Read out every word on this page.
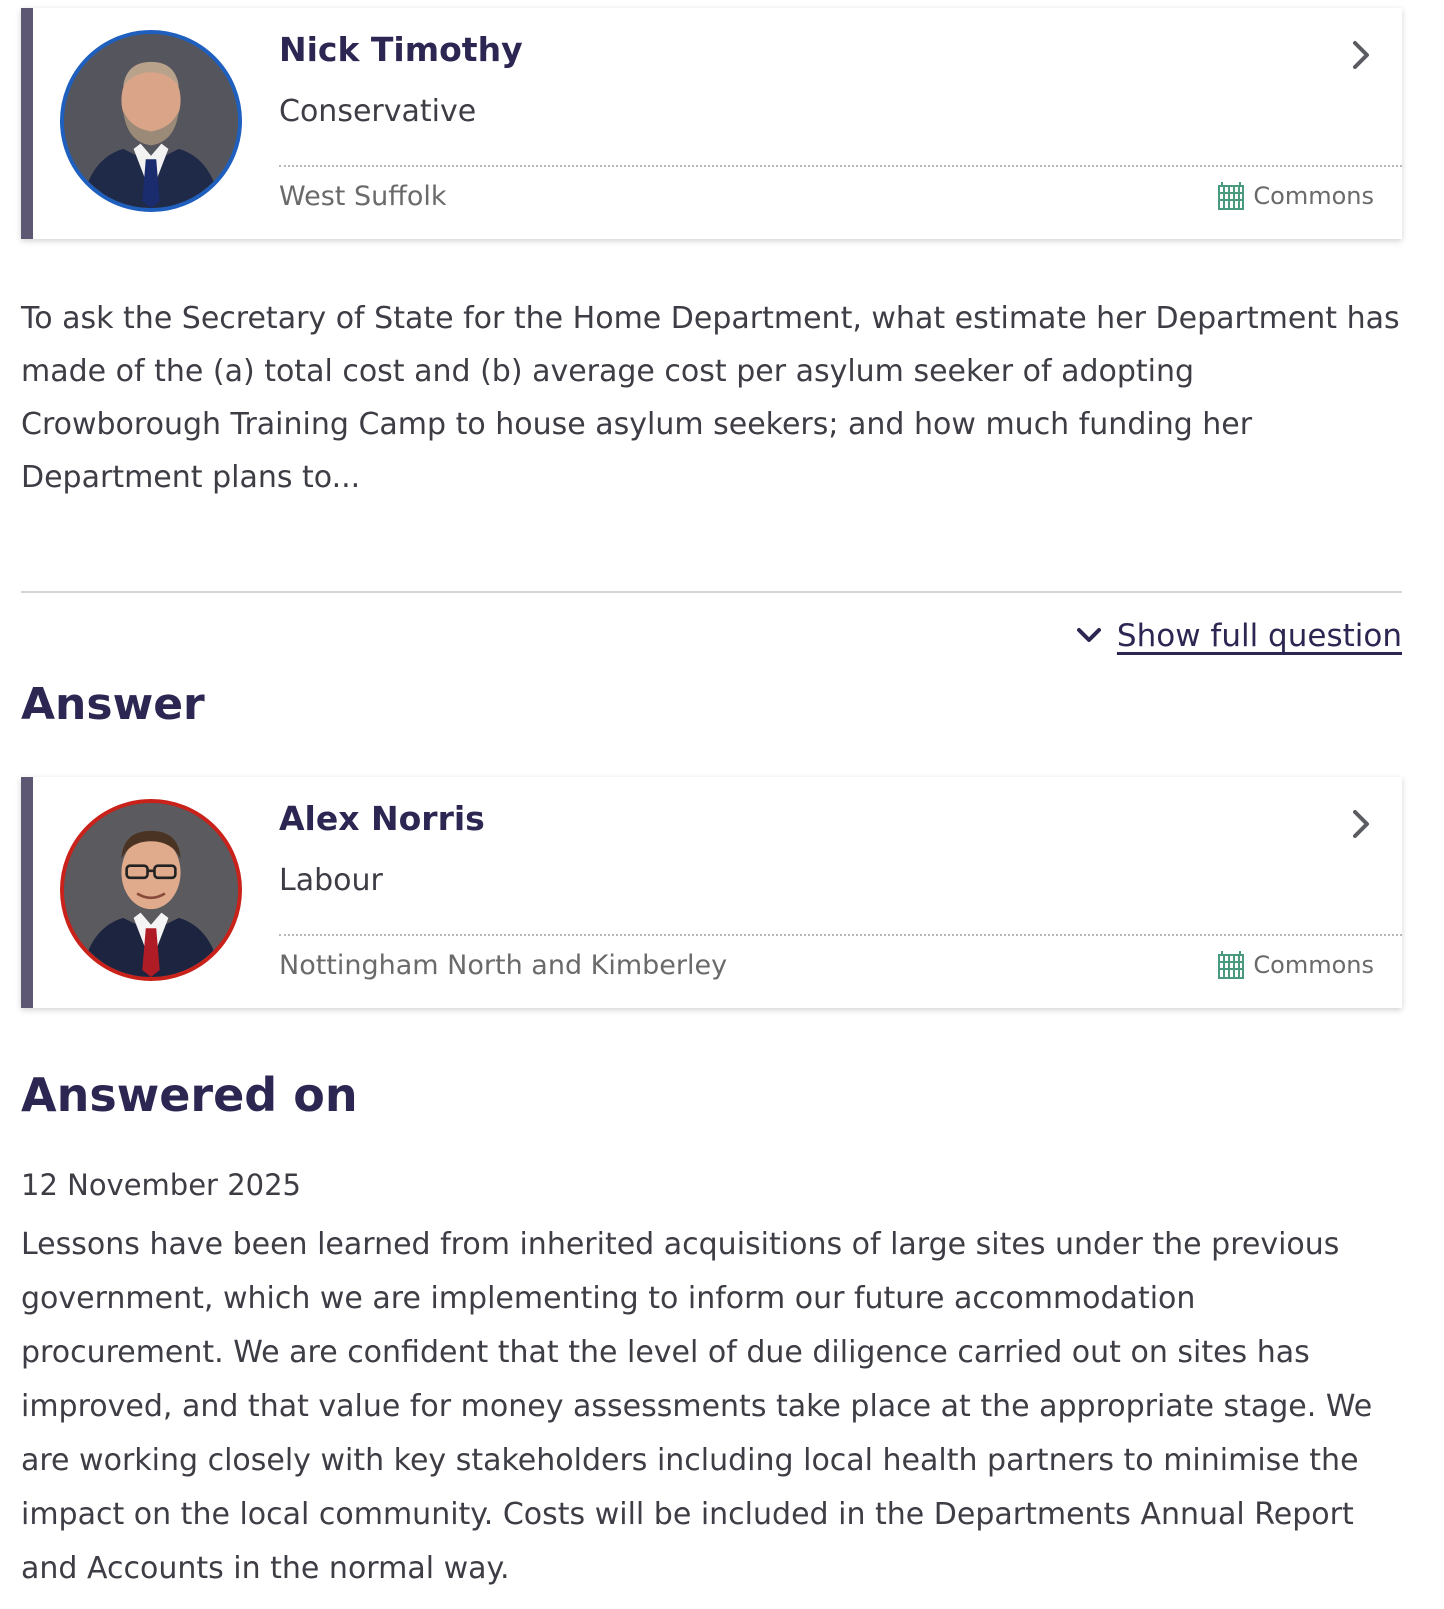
Nick Timothy
Conservative
West Suffolk	Commons
To ask the Secretary of State for the Home Department, what estimate her Department has made of the (a) total cost and (b) average cost per asylum seeker of adopting Crowborough Training Camp to house asylum seekers; and how much funding her Department plans to...
Show full question
Answer
Alex Norris
Labour
Nottingham North and Kimberley	Commons
Answered on
12 November 2025
Lessons have been learned from inherited acquisitions of large sites under the previous government, which we are implementing to inform our future accommodation procurement. We are confident that the level of due diligence carried out on sites has improved, and that value for money assessments take place at the appropriate stage. We are working closely with key stakeholders including local health partners to minimise the impact on the local community. Costs will be included in the Departments Annual Report and Accounts in the normal way.
